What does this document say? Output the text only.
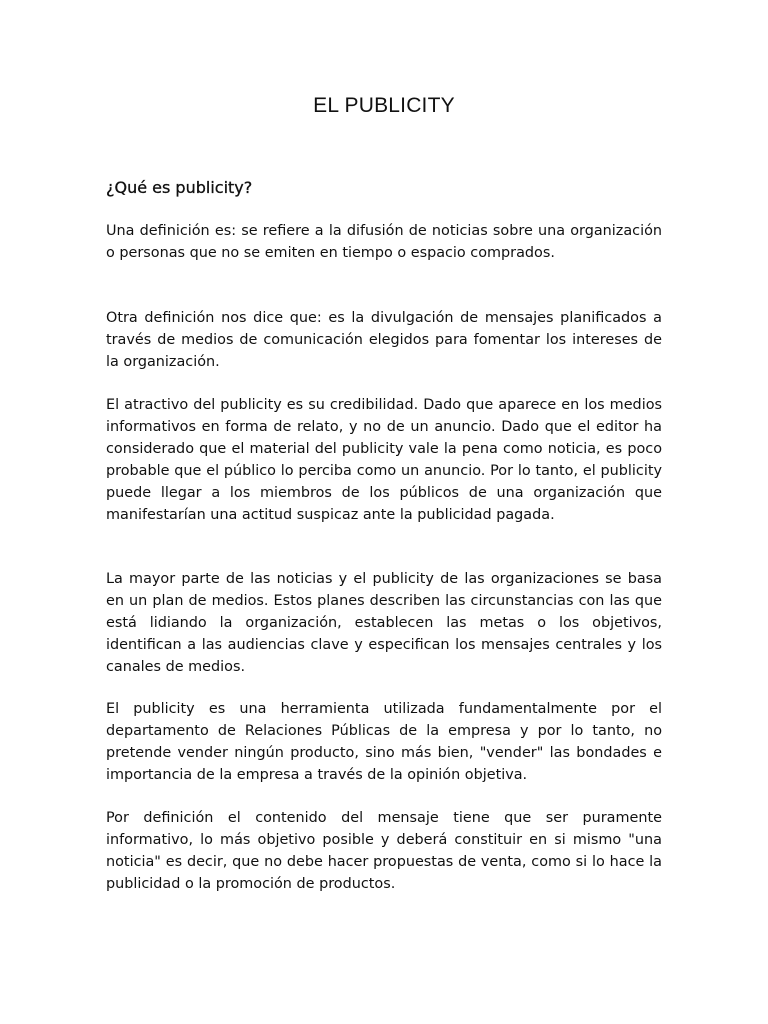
EL PUBLICITY
¿Qué es publicity?

Una definición es: se refiere a la difusión de noticias sobre una organización o personas que no se emiten en tiempo o espacio comprados.

Otra definición nos dice que: es la divulgación de mensajes planificados a través de medios de comunicación elegidos para fomentar los intereses de la organización.

El atractivo del publicity es su credibilidad. Dado que aparece en los medios informativos en forma de relato, y no de un anuncio. Dado que el editor ha considerado que el material del publicity vale la pena como noticia, es poco probable que el público lo perciba como un anuncio. Por lo tanto, el publicity puede llegar a los miembros de los públicos de una organización que manifestarían una actitud suspicaz ante la publicidad pagada.

La mayor parte de las noticias y el publicity de las organizaciones se basa en un plan de medios. Estos planes describen las circunstancias con las que está lidiando la organización, establecen las metas o los objetivos, identifican a las audiencias clave y especifican los mensajes centrales y los canales de medios.

El publicity es una herramienta utilizada fundamentalmente por el departamento de Relaciones Públicas de la empresa y por lo tanto, no pretende vender ningún producto, sino más bien, "vender" las bondades e importancia de la empresa a través de la opinión objetiva.

Por definición el contenido del mensaje tiene que ser puramente informativo, lo más objetivo posible y deberá constituir en si mismo "una noticia" es decir, que no debe hacer propuestas de venta, como si lo hace la publicidad o la promoción de productos.
